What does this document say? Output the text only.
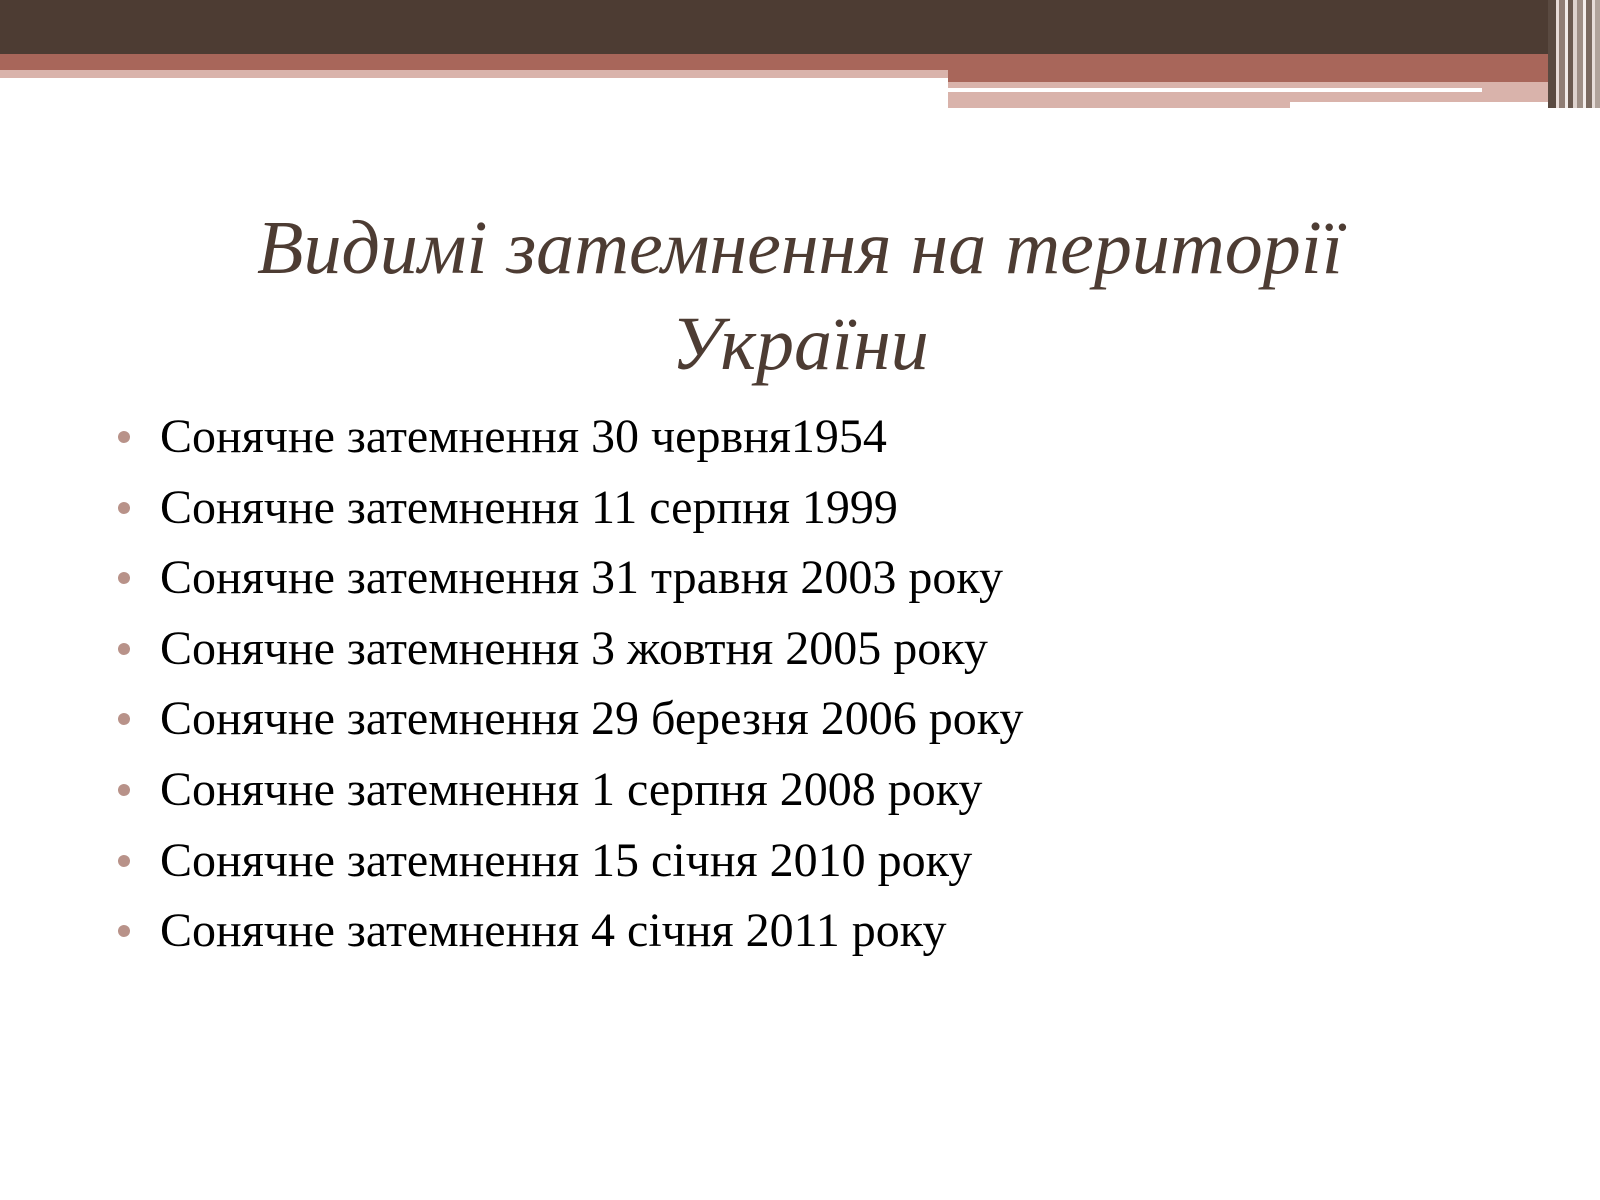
Видимі затемнення на території України
Сонячне затемнення 30 червня1954
Сонячне затемнення 11 серпня 1999
Сонячне затемнення 31 травня 2003 року
Сонячне затемнення 3 жовтня 2005 року
Сонячне затемнення 29 березня 2006 року
Сонячне затемнення 1 серпня 2008 року
Сонячне затемнення 15 січня 2010 року
Сонячне затемнення 4 січня 2011 року
